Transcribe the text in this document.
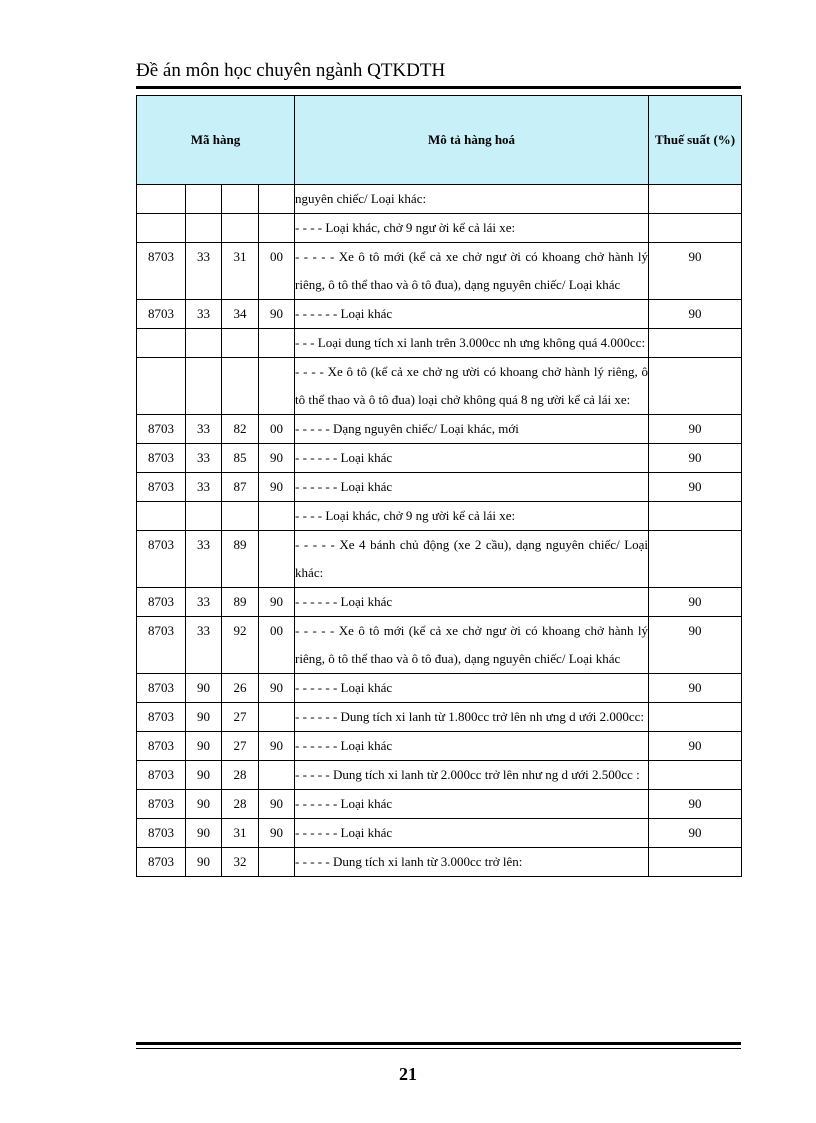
Đề án môn học chuyên ngành QTKDTH
Mã hàng				Mô tả hàng hoá	Thuế suất (%)
				nguyên chiếc/ Loại khác:	
				- - - - Loại khác, chở 9 ngư ời kể cả lái xe:	
8703	33	31	00	- - - - - Xe ô tô mới (kể cả xe chở ngư ời có khoang chở hành lý riêng, ô tô thể thao và ô tô đua), dạng nguyên chiếc/ Loại khác	90
8703	33	34	90	- - - - - - Loại khác	90
				- - - Loại dung tích xi lanh trên 3.000cc nh ưng không quá 4.000cc:	
				- - - - Xe ô tô (kể cả xe chở ng ười có khoang chở hành lý riêng, ô tô thể thao và ô tô đua) loại chở không quá 8 ng ười kể cả lái xe:	
8703	33	82	00	- - - - - Dạng nguyên chiếc/ Loại khác, mới	90
8703	33	85	90	- - - - - - Loại khác	90
8703	33	87	90	- - - - - - Loại khác	90
				- - - - Loại khác, chở 9 ng ười kể cả lái xe:	
8703	33	89		- - - - - Xe 4 bánh chủ động (xe 2 cầu), dạng nguyên chiếc/ Loại khác:	
8703	33	89	90	- - - - - - Loại khác	90
8703	33	92	00	- - - - - Xe ô tô mới (kể cả xe chở ngư ời có khoang chở hành lý riêng, ô tô thể thao và ô tô đua), dạng nguyên chiếc/ Loại khác	90
8703	90	26	90	- - - - - - Loại khác	90
8703	90	27		- - - - - - Dung tích xi lanh từ 1.800cc trở lên nh ưng d ưới 2.000cc:	
8703	90	27	90	- - - - - - Loại khác	90
8703	90	28		- - - - - Dung tích xi lanh từ 2.000cc trở lên như ng d ưới 2.500cc :	
8703	90	28	90	- - - - - - Loại khác	90
8703	90	31	90	- - - - - - Loại khác	90
8703	90	32		- - - - - Dung tích xi lanh từ 3.000cc trở lên:	
21
